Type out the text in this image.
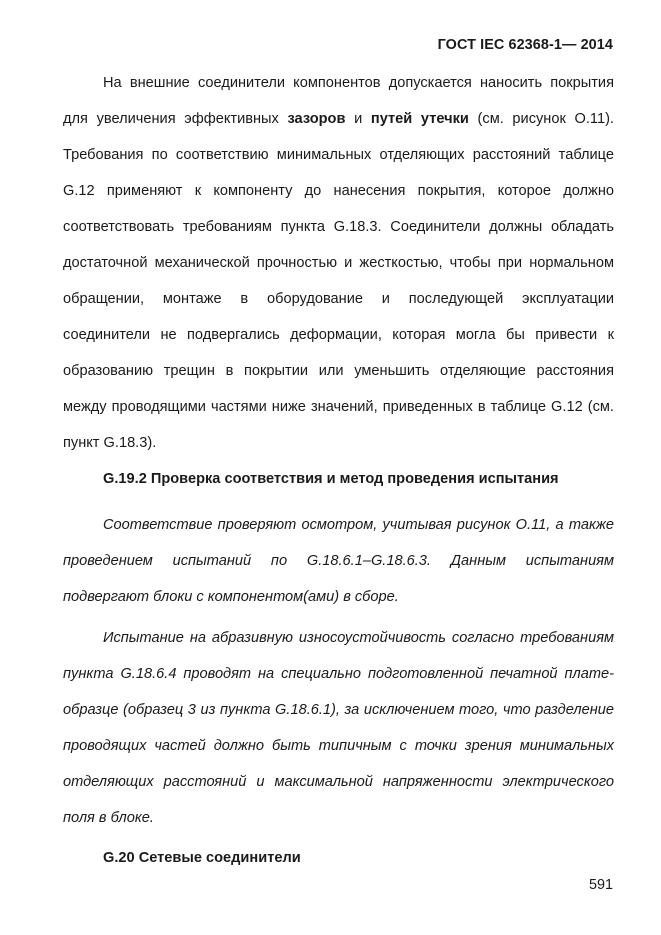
ГОСТ IEC 62368-1— 2014

На внешние соединители компонентов допускается наносить покрытия для увеличения эффективных зазоров и путей утечки (см. рисунок О.11). Требования по соответствию минимальных отделяющих расстояний таблице G.12 применяют к компоненту до нанесения покрытия, которое должно соответствовать требованиям пункта G.18.3. Соединители должны обладать достаточной механической прочностью и жесткостью, чтобы при нормальном обращении, монтаже в оборудование и последующей эксплуатации соединители не подвергались деформации, которая могла бы привести к образованию трещин в покрытии или уменьшить отделяющие расстояния между проводящими частями ниже значений, приведенных в таблице G.12 (см. пункт G.18.3).

G.19.2 Проверка соответствия и метод проведения испытания

Соответствие проверяют осмотром, учитывая рисунок О.11, а также проведением испытаний по G.18.6.1–G.18.6.3. Данным испытаниям подвергают блоки с компонентом(ами) в сборе.

Испытание на абразивную износоустойчивость согласно требованиям пункта G.18.6.4 проводят на специально подготовленной печатной плате-образце (образец 3 из пункта G.18.6.1), за исключением того, что разделение проводящих частей должно быть типичным с точки зрения минимальных отделяющих расстояний и максимальной напряженности электрического поля в блоке.

G.20 Сетевые соединители
591
